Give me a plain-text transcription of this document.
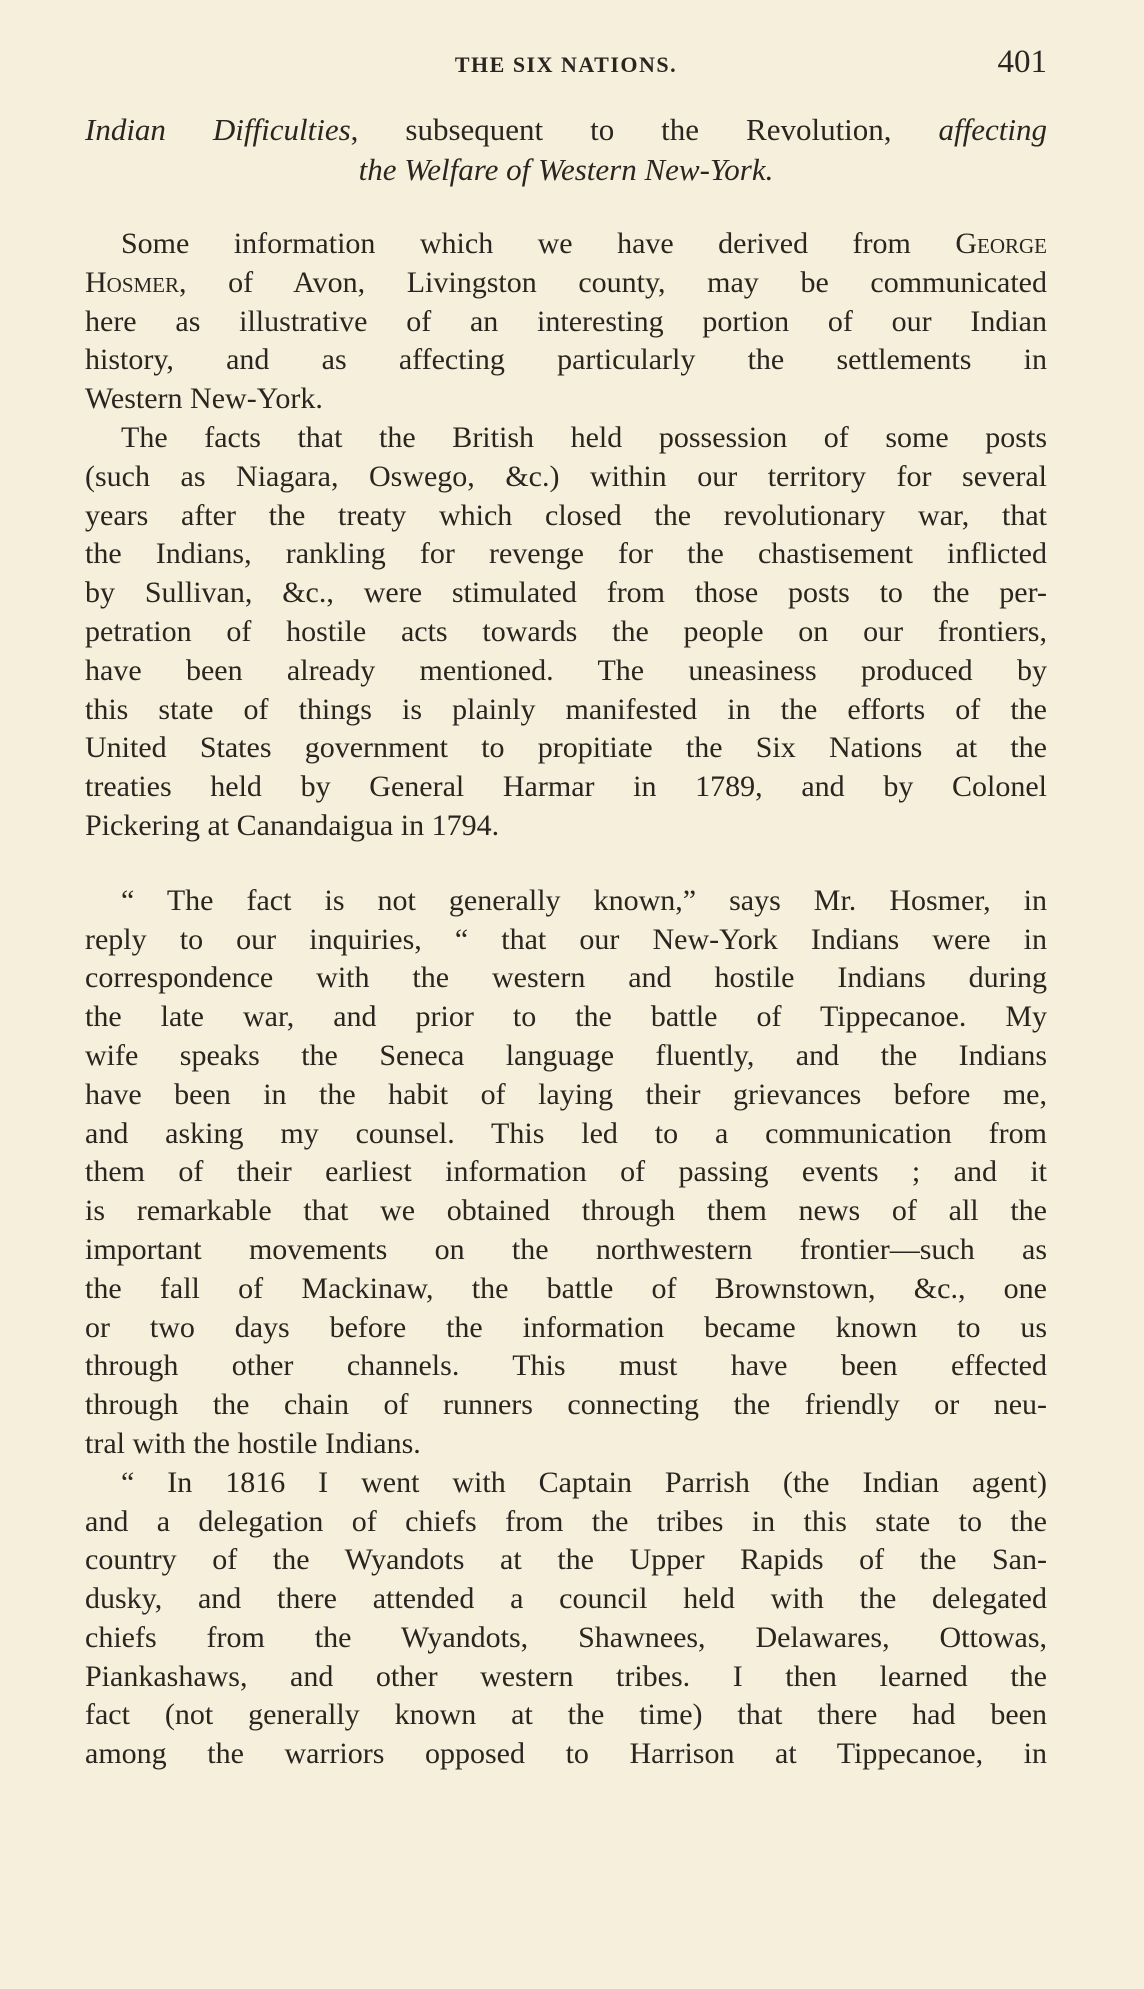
THE SIX NATIONS.	401
Indian Difficulties, subsequent to the Revolution, affecting
the Welfare of Western New-York.
Some information which we have derived from George
Hosmer, of Avon, Livingston county, may be communicated
here as illustrative of an interesting portion of our Indian
history, and as affecting particularly the settlements in
Western New-York.
The facts that the British held possession of some posts
(such as Niagara, Oswego, &c.) within our territory for several
years after the treaty which closed the revolutionary war, that
the Indians, rankling for revenge for the chastisement inflicted
by Sullivan, &c., were stimulated from those posts to the per-
petration of hostile acts towards the people on our frontiers,
have been already mentioned. The uneasiness produced by
this state of things is plainly manifested in the efforts of the
United States government to propitiate the Six Nations at the
treaties held by General Harmar in 1789, and by Colonel
Pickering at Canandaigua in 1794.
“ The fact is not generally known,” says Mr. Hosmer, in
reply to our inquiries, “ that our New-York Indians were in
correspondence with the western and hostile Indians during
the late war, and prior to the battle of Tippecanoe. My
wife speaks the Seneca language fluently, and the Indians
have been in the habit of laying their grievances before me,
and asking my counsel. This led to a communication from
them of their earliest information of passing events ; and it
is remarkable that we obtained through them news of all the
important movements on the northwestern frontier—such as
the fall of Mackinaw, the battle of Brownstown, &c., one
or two days before the information became known to us
through other channels. This must have been effected
through the chain of runners connecting the friendly or neu-
tral with the hostile Indians.
“ In 1816 I went with Captain Parrish (the Indian agent)
and a delegation of chiefs from the tribes in this state to the
country of the Wyandots at the Upper Rapids of the San-
dusky, and there attended a council held with the delegated
chiefs from the Wyandots, Shawnees, Delawares, Ottowas,
Piankashaws, and other western tribes. I then learned the
fact (not generally known at the time) that there had been
among the warriors opposed to Harrison at Tippecanoe, in
